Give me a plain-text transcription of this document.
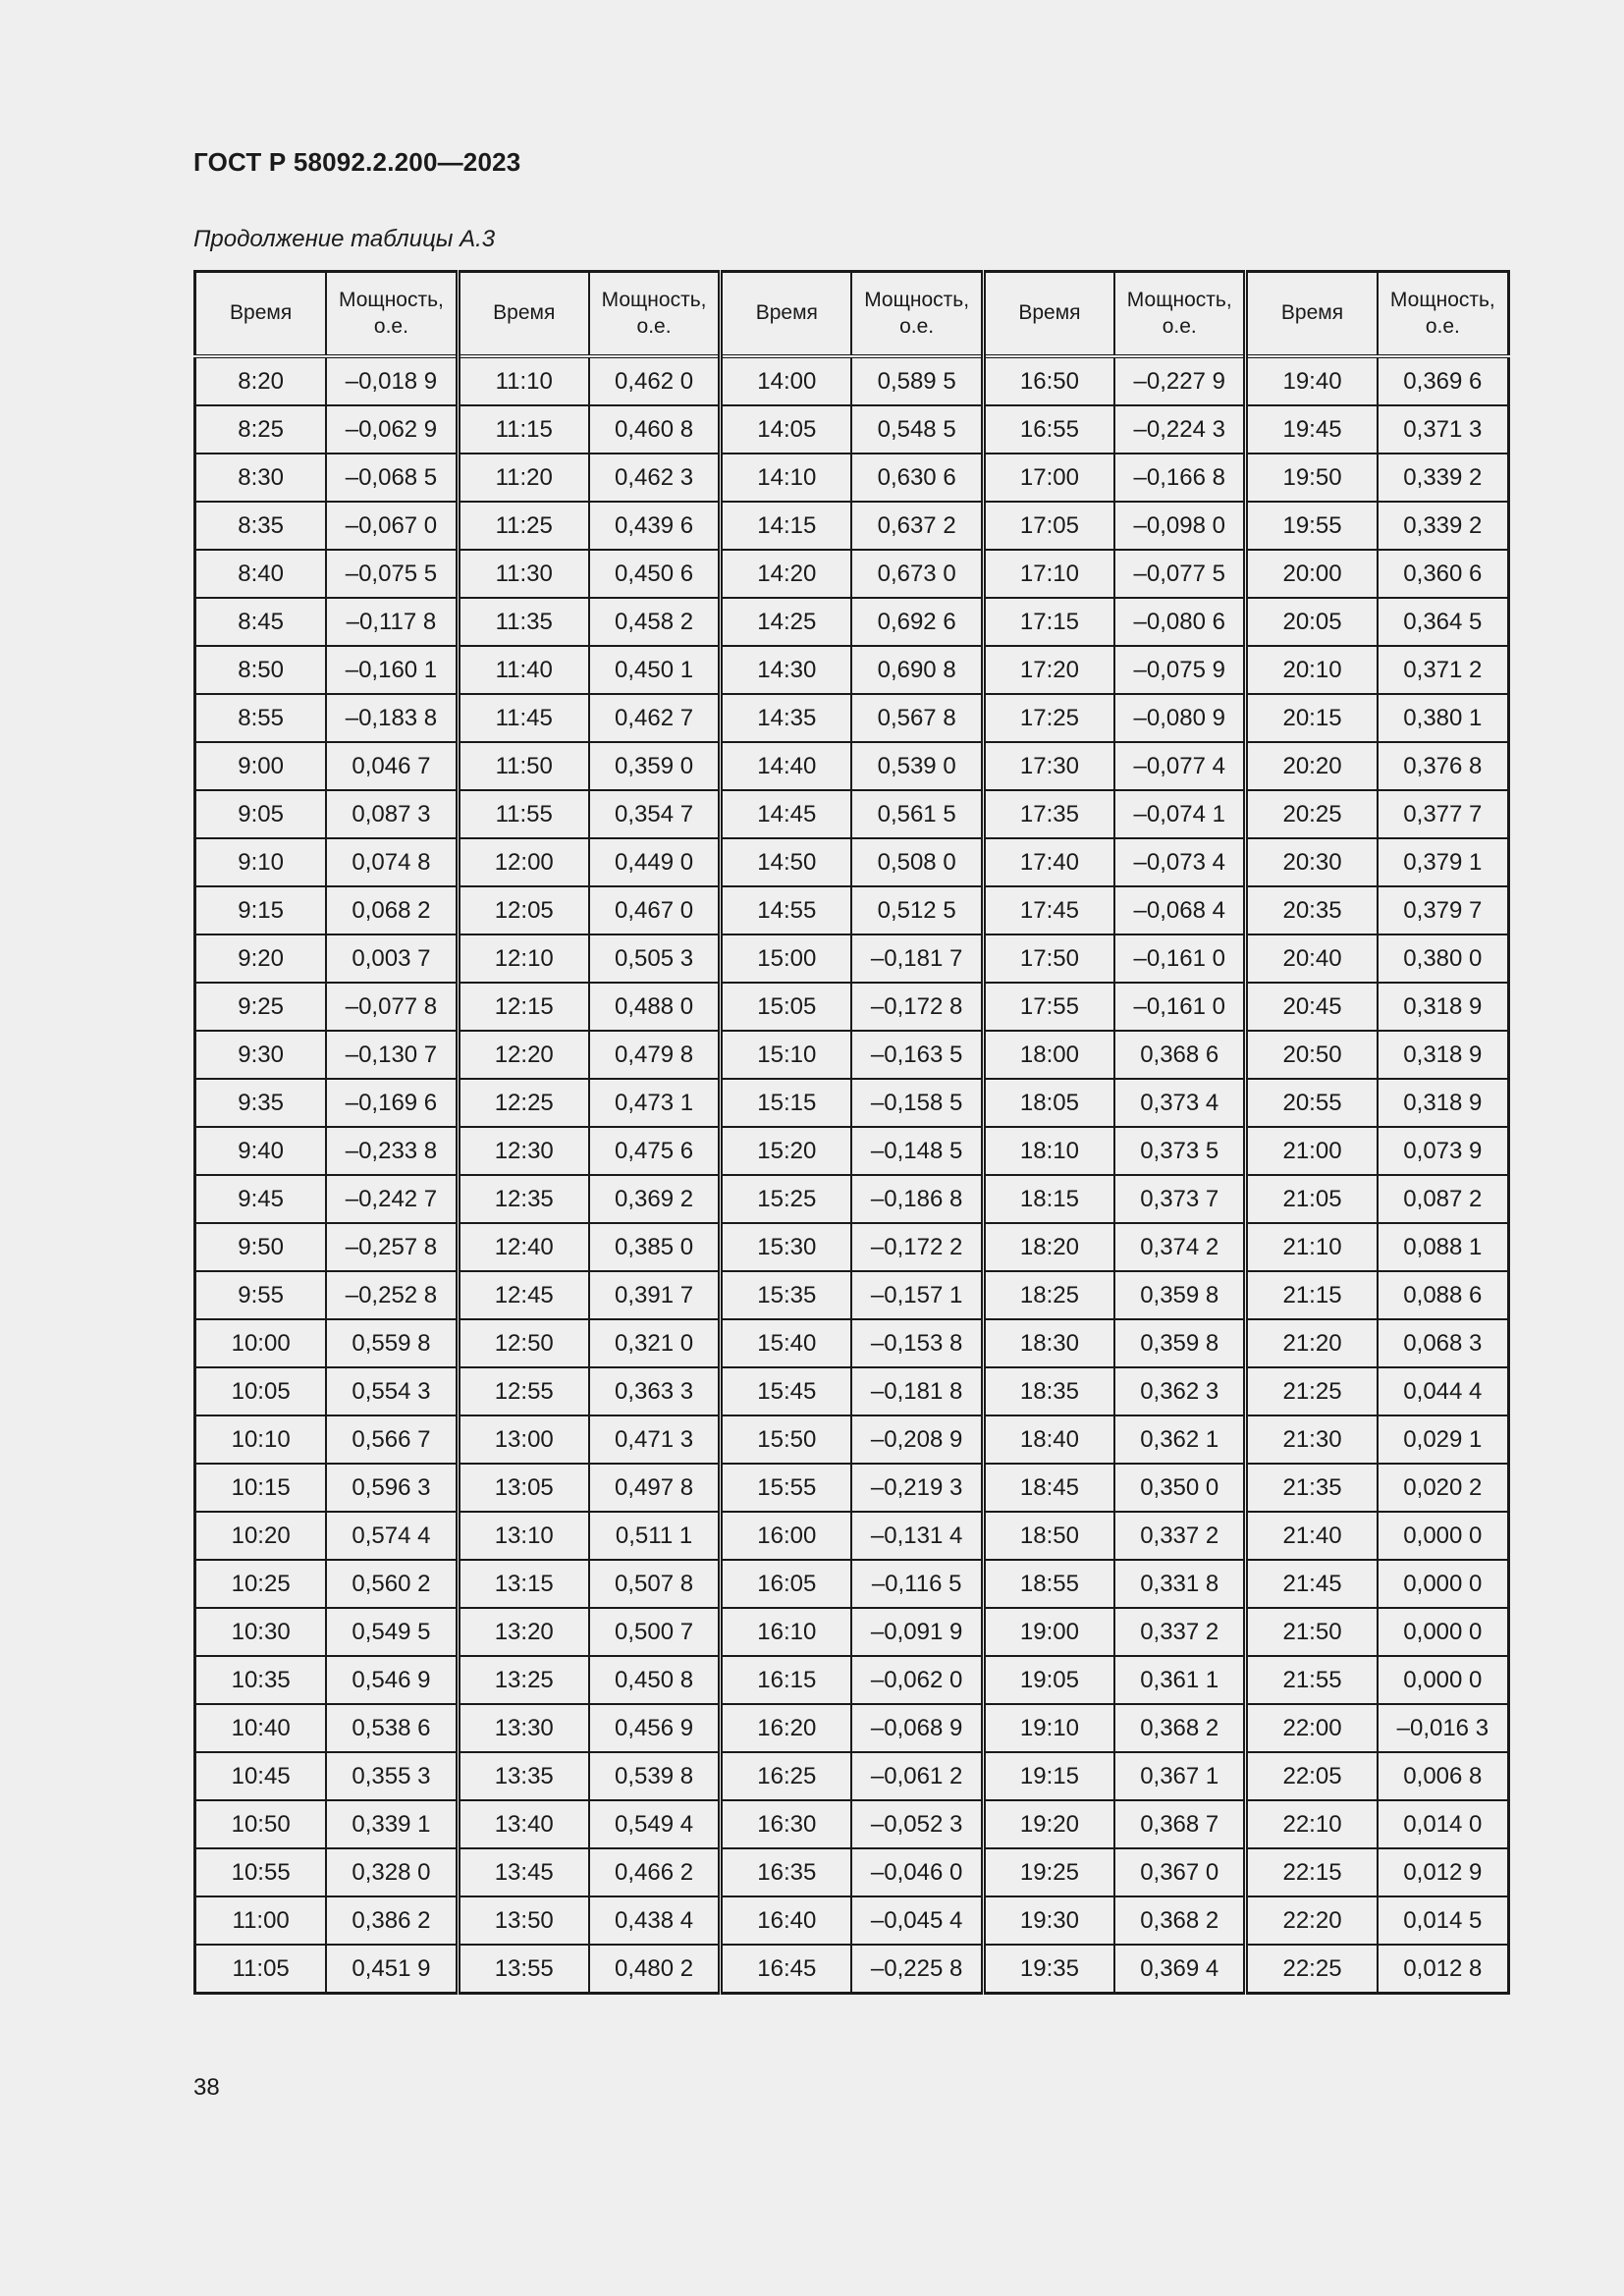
ГОСТ Р 58092.2.200—2023
Продолжение таблицы А.3
Время	Мощность, о.е.	Время	Мощность, о.е.	Время	Мощность, о.е.	Время	Мощность, о.е.	Время	Мощность, о.е.
8:20	–0,018 9	11:10	0,462 0	14:00	0,589 5	16:50	–0,227 9	19:40	0,369 6
8:25	–0,062 9	11:15	0,460 8	14:05	0,548 5	16:55	–0,224 3	19:45	0,371 3
8:30	–0,068 5	11:20	0,462 3	14:10	0,630 6	17:00	–0,166 8	19:50	0,339 2
8:35	–0,067 0	11:25	0,439 6	14:15	0,637 2	17:05	–0,098 0	19:55	0,339 2
8:40	–0,075 5	11:30	0,450 6	14:20	0,673 0	17:10	–0,077 5	20:00	0,360 6
8:45	–0,117 8	11:35	0,458 2	14:25	0,692 6	17:15	–0,080 6	20:05	0,364 5
8:50	–0,160 1	11:40	0,450 1	14:30	0,690 8	17:20	–0,075 9	20:10	0,371 2
8:55	–0,183 8	11:45	0,462 7	14:35	0,567 8	17:25	–0,080 9	20:15	0,380 1
9:00	0,046 7	11:50	0,359 0	14:40	0,539 0	17:30	–0,077 4	20:20	0,376 8
9:05	0,087 3	11:55	0,354 7	14:45	0,561 5	17:35	–0,074 1	20:25	0,377 7
9:10	0,074 8	12:00	0,449 0	14:50	0,508 0	17:40	–0,073 4	20:30	0,379 1
9:15	0,068 2	12:05	0,467 0	14:55	0,512 5	17:45	–0,068 4	20:35	0,379 7
9:20	0,003 7	12:10	0,505 3	15:00	–0,181 7	17:50	–0,161 0	20:40	0,380 0
9:25	–0,077 8	12:15	0,488 0	15:05	–0,172 8	17:55	–0,161 0	20:45	0,318 9
9:30	–0,130 7	12:20	0,479 8	15:10	–0,163 5	18:00	0,368 6	20:50	0,318 9
9:35	–0,169 6	12:25	0,473 1	15:15	–0,158 5	18:05	0,373 4	20:55	0,318 9
9:40	–0,233 8	12:30	0,475 6	15:20	–0,148 5	18:10	0,373 5	21:00	0,073 9
9:45	–0,242 7	12:35	0,369 2	15:25	–0,186 8	18:15	0,373 7	21:05	0,087 2
9:50	–0,257 8	12:40	0,385 0	15:30	–0,172 2	18:20	0,374 2	21:10	0,088 1
9:55	–0,252 8	12:45	0,391 7	15:35	–0,157 1	18:25	0,359 8	21:15	0,088 6
10:00	0,559 8	12:50	0,321 0	15:40	–0,153 8	18:30	0,359 8	21:20	0,068 3
10:05	0,554 3	12:55	0,363 3	15:45	–0,181 8	18:35	0,362 3	21:25	0,044 4
10:10	0,566 7	13:00	0,471 3	15:50	–0,208 9	18:40	0,362 1	21:30	0,029 1
10:15	0,596 3	13:05	0,497 8	15:55	–0,219 3	18:45	0,350 0	21:35	0,020 2
10:20	0,574 4	13:10	0,511 1	16:00	–0,131 4	18:50	0,337 2	21:40	0,000 0
10:25	0,560 2	13:15	0,507 8	16:05	–0,116 5	18:55	0,331 8	21:45	0,000 0
10:30	0,549 5	13:20	0,500 7	16:10	–0,091 9	19:00	0,337 2	21:50	0,000 0
10:35	0,546 9	13:25	0,450 8	16:15	–0,062 0	19:05	0,361 1	21:55	0,000 0
10:40	0,538 6	13:30	0,456 9	16:20	–0,068 9	19:10	0,368 2	22:00	–0,016 3
10:45	0,355 3	13:35	0,539 8	16:25	–0,061 2	19:15	0,367 1	22:05	0,006 8
10:50	0,339 1	13:40	0,549 4	16:30	–0,052 3	19:20	0,368 7	22:10	0,014 0
10:55	0,328 0	13:45	0,466 2	16:35	–0,046 0	19:25	0,367 0	22:15	0,012 9
11:00	0,386 2	13:50	0,438 4	16:40	–0,045 4	19:30	0,368 2	22:20	0,014 5
11:05	0,451 9	13:55	0,480 2	16:45	–0,225 8	19:35	0,369 4	22:25	0,012 8
38
